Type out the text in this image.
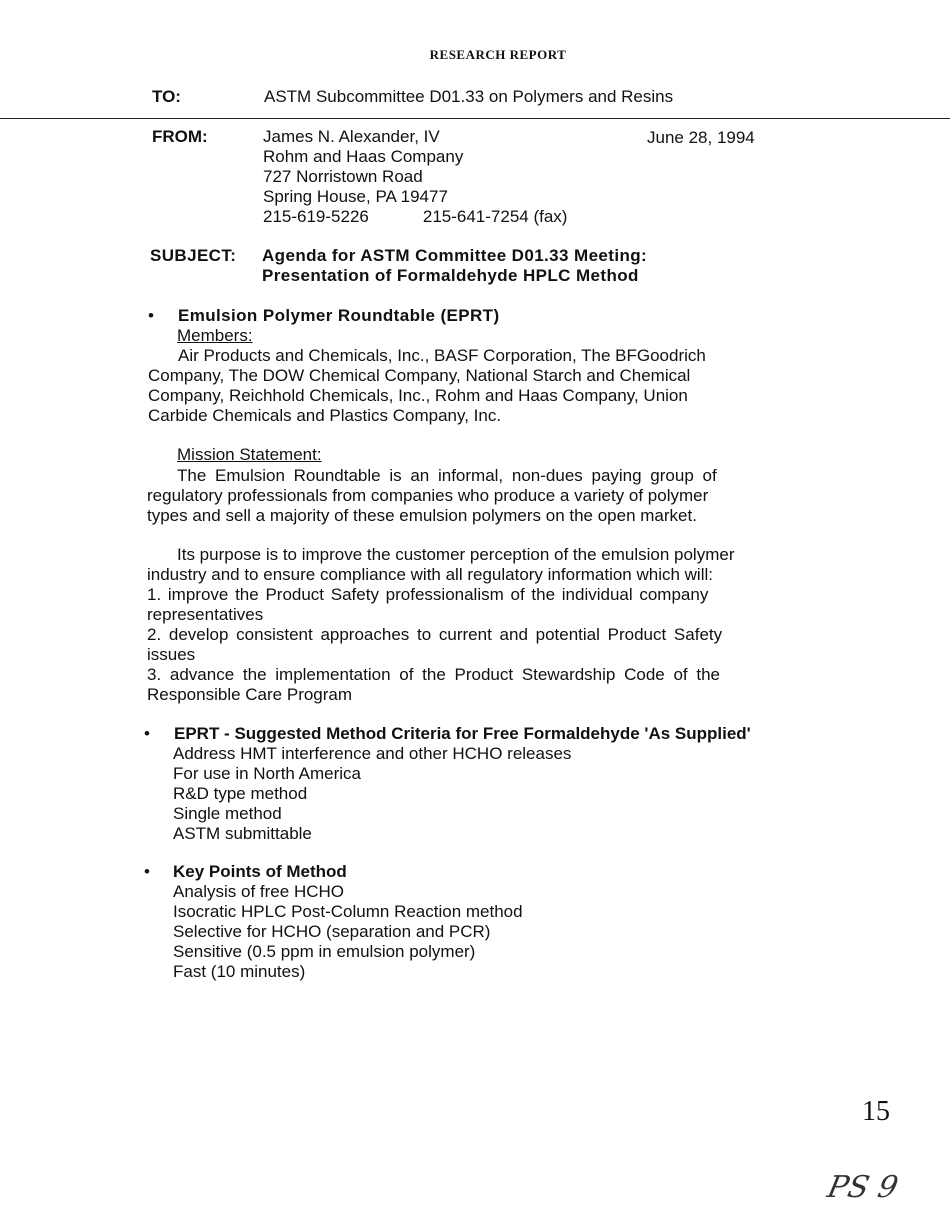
RESEARCH REPORT
TO:	ASTM Subcommittee D01.33 on Polymers and Resins
FROM:	James N. Alexander, IV
Rohm and Haas Company
727 Norristown Road
Spring House, PA 19477
215-619-5226	215-641-7254 (fax)
June 28, 1994
SUBJECT: Agenda for ASTM Committee D01.33 Meeting:
Presentation of Formaldehyde HPLC Method
• Emulsion Polymer Roundtable (EPRT)
Members:
Air Products and Chemicals, Inc., BASF Corporation, The BFGoodrich
Company, The DOW Chemical Company, National Starch and Chemical
Company, Reichhold Chemicals, Inc., Rohm and Haas Company, Union
Carbide Chemicals and Plastics Company, Inc.
Mission Statement:
The Emulsion Roundtable is an informal, non-dues paying group of
regulatory professionals from companies who produce a variety of polymer
types and sell a majority of these emulsion polymers on the open market.
Its purpose is to improve the customer perception of the emulsion polymer
industry and to ensure compliance with all regulatory information which will:
1. improve the Product Safety professionalism of the individual company
representatives
2. develop consistent approaches to current and potential Product Safety
issues
3. advance the implementation of the Product Stewardship Code of the
Responsible Care Program
• EPRT - Suggested Method Criteria for Free Formaldehyde 'As Supplied'
Address HMT interference and other HCHO releases
For use in North America
R&D type method
Single method
ASTM submittable
• Key Points of Method
Analysis of free HCHO
Isocratic HPLC Post-Column Reaction method
Selective for HCHO (separation and PCR)
Sensitive (0.5 ppm in emulsion polymer)
Fast (10 minutes)
15
PS 9
